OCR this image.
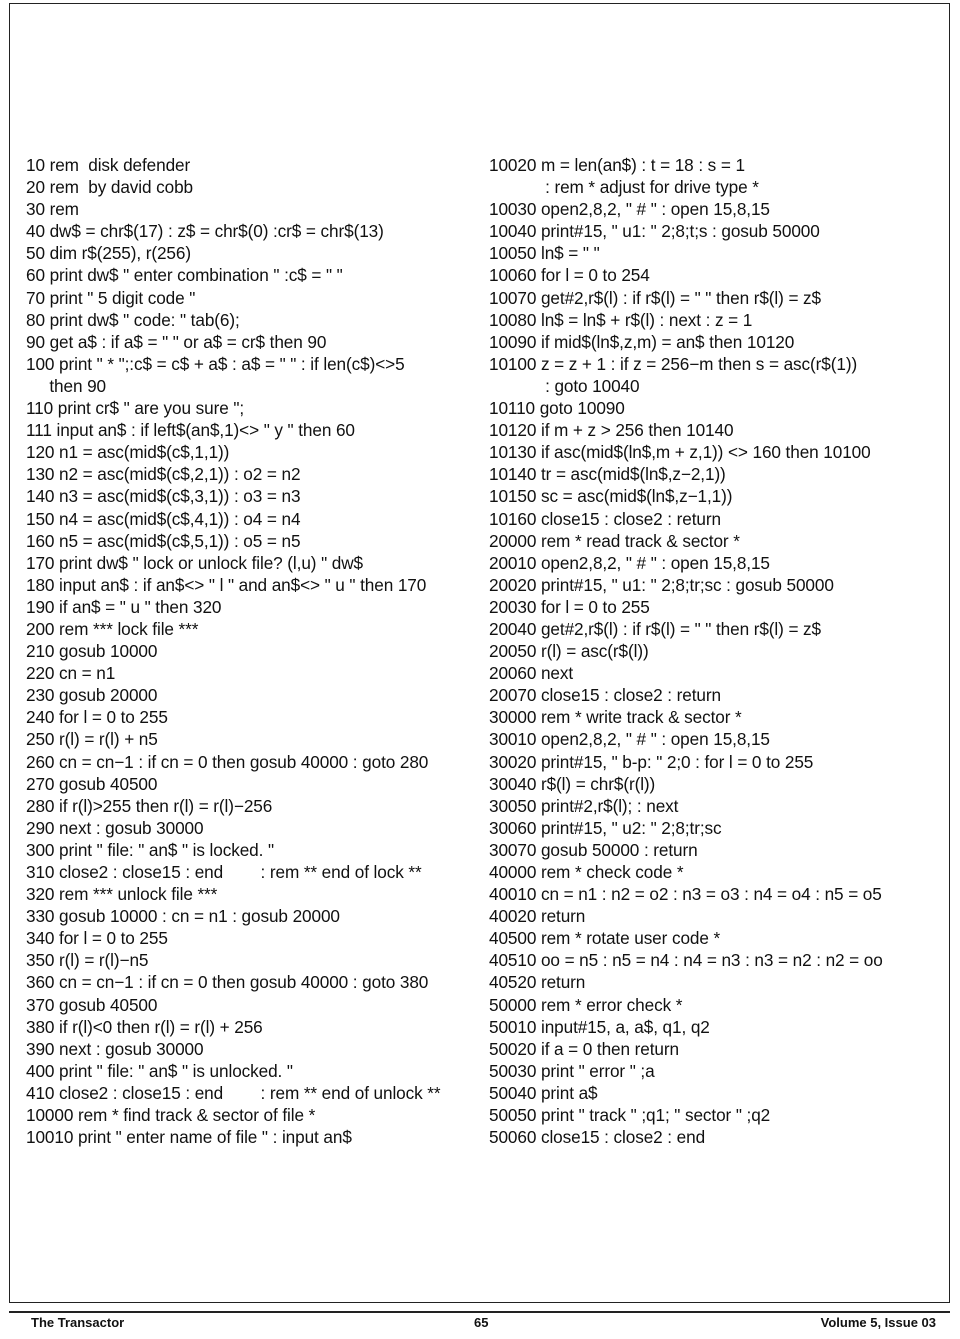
10 rem  disk defender
20 rem  by david cobb
30 rem
40 dw$ = chr$(17) : z$ = chr$(0) :cr$ = chr$(13)
50 dim r$(255), r(256)
60 print dw$ " enter combination " :c$ = " "
70 print " 5 digit code "
80 print dw$ " code: " tab(6);
90 get a$ : if a$ = " " or a$ = cr$ then 90
100 print " * ";:c$ = c$ + a$ : a$ = " " : if len(c$)<>5
then 90
110 print cr$ " are you sure ";
111 input an$ : if left$(an$,1)<> " y " then 60
120 n1 = asc(mid$(c$,1,1))
130 n2 = asc(mid$(c$,2,1)) : o2 = n2
140 n3 = asc(mid$(c$,3,1)) : o3 = n3
150 n4 = asc(mid$(c$,4,1)) : o4 = n4
160 n5 = asc(mid$(c$,5,1)) : o5 = n5
170 print dw$ " lock or unlock file? (l,u) " dw$
180 input an$ : if an$<> " l " and an$<> " u " then 170
190 if an$ = " u " then 320
200 rem *** lock file ***
210 gosub 10000
220 cn = n1
230 gosub 20000
240 for l = 0 to 255
250 r(l) = r(l) + n5
260 cn = cn−1 : if cn = 0 then gosub 40000 : goto 280
270 gosub 40500
280 if r(l)>255 then r(l) = r(l)−256
290 next : gosub 30000
300 print " file: " an$ " is locked. "
310 close2 : close15 : end        : rem ** end of lock **
320 rem *** unlock file ***
330 gosub 10000 : cn = n1 : gosub 20000
340 for l = 0 to 255
350 r(l) = r(l)−n5
360 cn = cn−1 : if cn = 0 then gosub 40000 : goto 380
370 gosub 40500
380 if r(l)<0 then r(l) = r(l) + 256
390 next : gosub 30000
400 print " file: " an$ " is unlocked. "
410 close2 : close15 : end        : rem ** end of unlock **
10000 rem * find track & sector of file *
10010 print " enter name of file " : input an$
10020 m = len(an$) : t = 18 : s = 1
: rem * adjust for drive type *
10030 open2,8,2, " # " : open 15,8,15
10040 print#15, " u1: " 2;8;t;s : gosub 50000
10050 ln$ = " "
10060 for l = 0 to 254
10070 get#2,r$(l) : if r$(l) = " " then r$(l) = z$
10080 ln$ = ln$ + r$(l) : next : z = 1
10090 if mid$(ln$,z,m) = an$ then 10120
10100 z = z + 1 : if z = 256−m then s = asc(r$(1))
: goto 10040
10110 goto 10090
10120 if m + z > 256 then 10140
10130 if asc(mid$(ln$,m + z,1)) <> 160 then 10100
10140 tr = asc(mid$(ln$,z−2,1))
10150 sc = asc(mid$(ln$,z−1,1))
10160 close15 : close2 : return
20000 rem * read track & sector *
20010 open2,8,2, " # " : open 15,8,15
20020 print#15, " u1: " 2;8;tr;sc : gosub 50000
20030 for l = 0 to 255
20040 get#2,r$(l) : if r$(l) = " " then r$(l) = z$
20050 r(l) = asc(r$(l))
20060 next
20070 close15 : close2 : return
30000 rem * write track & sector *
30010 open2,8,2, " # " : open 15,8,15
30020 print#15, " b-p: " 2;0 : for l = 0 to 255
30040 r$(l) = chr$(r(l))
30050 print#2,r$(l); : next
30060 print#15, " u2: " 2;8;tr;sc
30070 gosub 50000 : return
40000 rem * check code *
40010 cn = n1 : n2 = o2 : n3 = o3 : n4 = o4 : n5 = o5
40020 return
40500 rem * rotate user code *
40510 oo = n5 : n5 = n4 : n4 = n3 : n3 = n2 : n2 = oo
40520 return
50000 rem * error check *
50010 input#15, a, a$, q1, q2
50020 if a = 0 then return
50030 print " error " ;a
50040 print a$
50050 print " track " ;q1; " sector " ;q2
50060 close15 : close2 : end
The Transactor	65	Volume 5, Issue 03
